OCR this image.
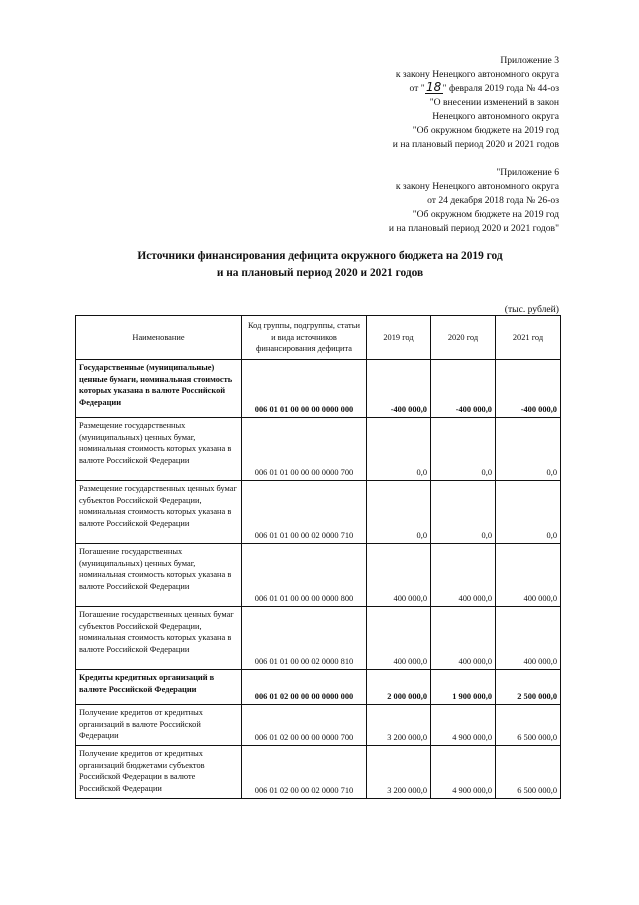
Приложение 3
к закону Ненецкого автономного округа
от "18" февраля 2019 года № 44-оз
"О внесении изменений в закон
Ненецкого автономного округа
"Об окружном бюджете на 2019 год
и на плановый период 2020 и 2021 годов
"Приложение 6
к закону Ненецкого автономного округа
от 24 декабря 2018 года № 26-оз
"Об окружном бюджете на 2019 год
и на плановый период 2020 и 2021 годов"
Источники финансирования дефицита окружного бюджета на 2019 год
и на плановый период 2020 и 2021 годов
(тыс. рублей)
Наименование	Код группы, подгруппы, статьи и вида источников финансирования дефицита	2019 год	2020 год	2021 год
Государственные (муниципальные) ценные бумаги, номинальная стоимость которых указана в валюте Российской Федерации	006 01 01 00 00 00 0000 000	-400 000,0	-400 000,0	-400 000,0
Размещение государственных (муниципальных) ценных бумаг, номинальная стоимость которых указана в валюте Российской Федерации	006 01 01 00 00 00 0000 700	0,0	0,0	0,0
Размещение государственных ценных бумаг субъектов Российской Федерации, номинальная стоимость которых указана в валюте Российской Федерации	006 01 01 00 00 02 0000 710	0,0	0,0	0,0
Погашение государственных (муниципальных) ценных бумаг, номинальная стоимость которых указана в валюте Российской Федерации	006 01 01 00 00 00 0000 800	400 000,0	400 000,0	400 000,0
Погашение государственных ценных бумаг субъектов Российской Федерации, номинальная стоимость которых указана в валюте Российской Федерации	006 01 01 00 00 02 0000 810	400 000,0	400 000,0	400 000,0
Кредиты кредитных организаций в валюте Российской Федерации	006 01 02 00 00 00 0000 000	2 000 000,0	1 900 000,0	2 500 000,0
Получение кредитов от кредитных организаций в валюте Российской Федерации	006 01 02 00 00 00 0000 700	3 200 000,0	4 900 000,0	6 500 000,0
Получение кредитов от кредитных организаций бюджетами субъектов Российской Федерации в валюте Российской Федерации	006 01 02 00 00 02 0000 710	3 200 000,0	4 900 000,0	6 500 000,0
